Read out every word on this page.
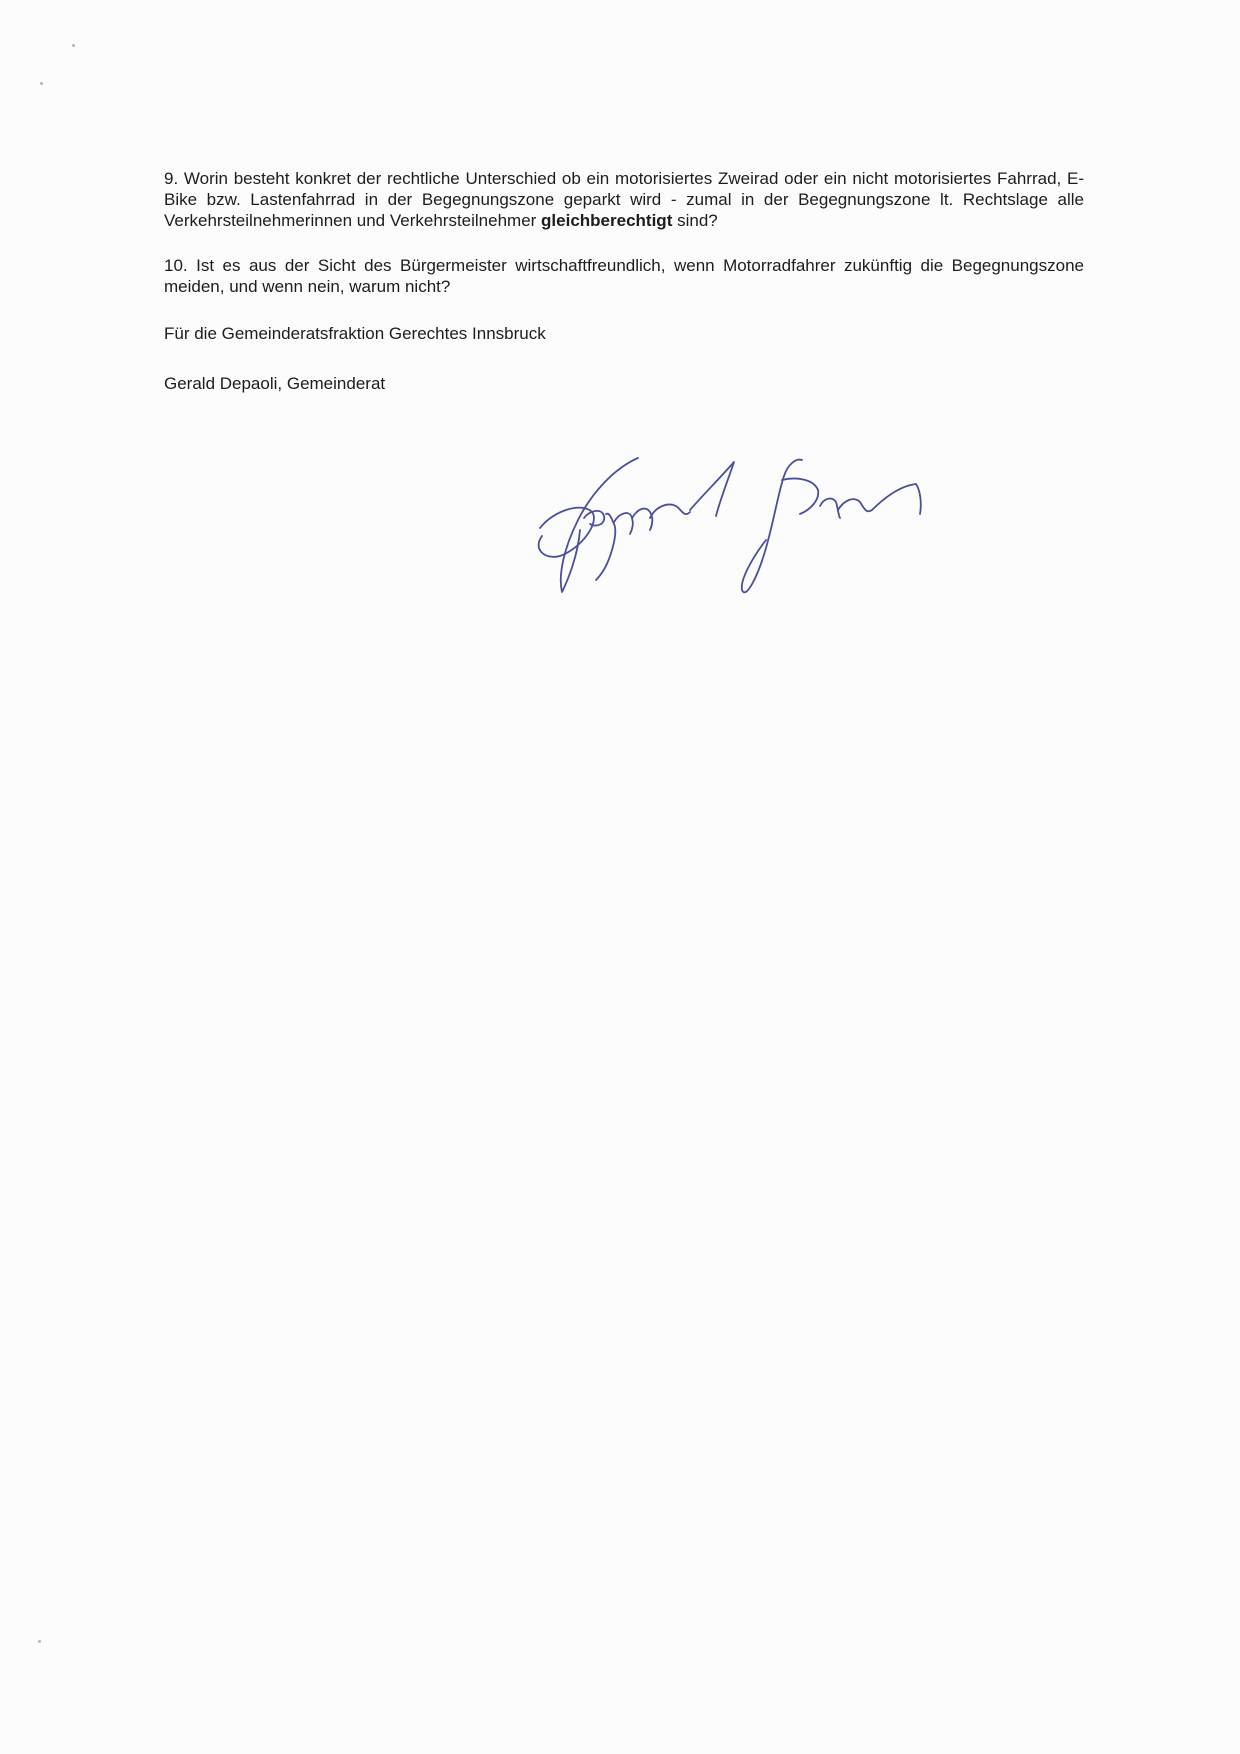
9. Worin besteht konkret der rechtliche Unterschied ob ein motorisiertes Zweirad oder ein nicht motorisiertes Fahrrad, E-Bike bzw. Lastenfahrrad in der Begegnungszone geparkt wird - zumal in der Begegnungszone lt. Rechtslage alle Verkehrsteilnehmerinnen und Verkehrsteilnehmer gleichberechtigt sind?

10. Ist es aus der Sicht des Bürgermeister wirtschaftfreundlich, wenn Motorradfahrer zukünftig die Begegnungszone meiden, und wenn nein, warum nicht?

Für die Gemeinderatsfraktion Gerechtes Innsbruck

Gerald Depaoli, Gemeinderat
